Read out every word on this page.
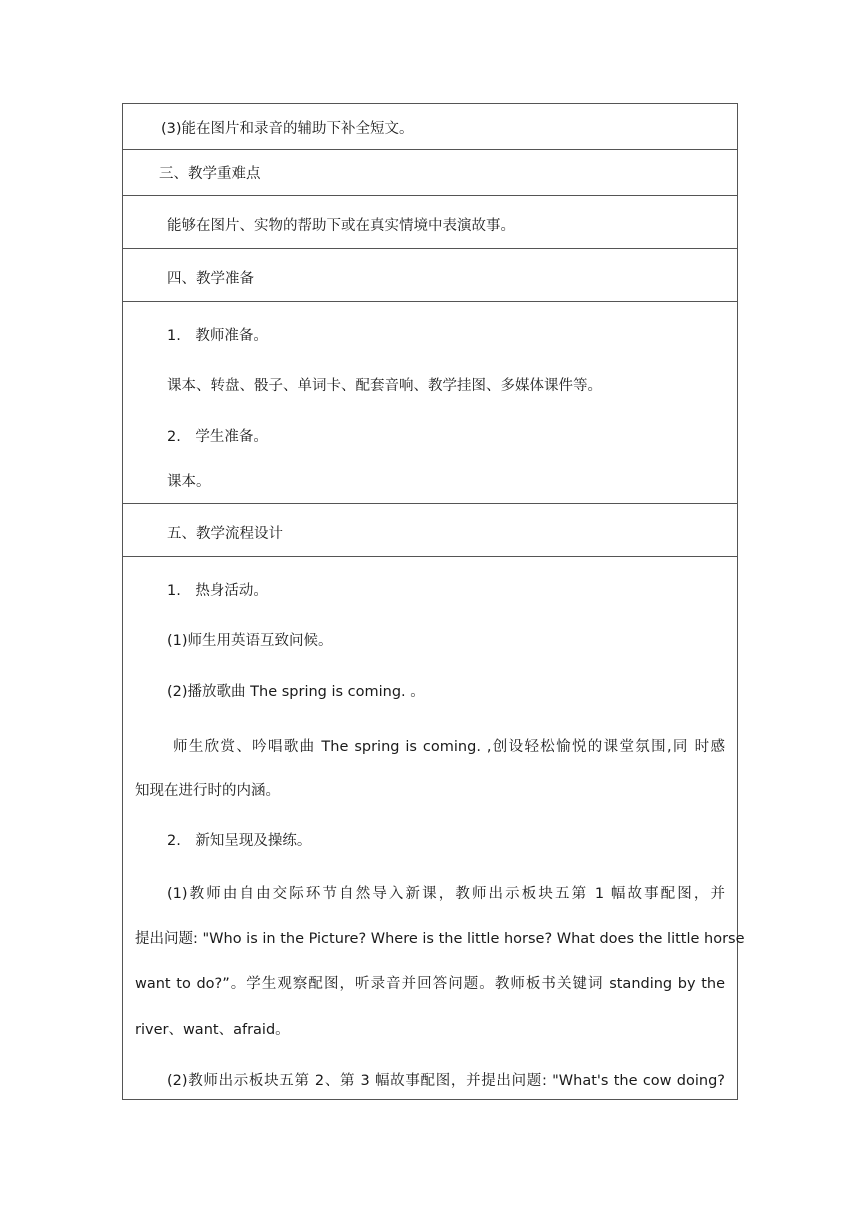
(3)能在图片和录音的辅助下补全短文。
三、教学重难点
能够在图片、实物的帮助下或在真实情境中表演故事。
四、教学准备
1.　教师准备。
课本、转盘、骰子、单词卡、配套音响、教学挂图、多媒体课件等。
2.　学生准备。
课本。
五、教学流程设计
1.　热身活动。
(1)师生用英语互致问候。
(2)播放歌曲 The spring is coming. 。
师生欣赏、吟唱歌曲 The spring is coming. ,创设轻松愉悦的课堂氛围,同 时感
知现在进行时的内涵。
2.　新知呈现及操练。
(1)教师由自由交际环节自然导入新课，教师出示板块五第 1 幅故事配图，并
提出问题: "Who is in the Picture? Where is the little horse? What does the little horse
want to do?”。学生观察配图，听录音并回答问题。教师板书关键词 standing by the
river、want、afraid。
(2)教师出示板块五第 2、第 3 幅故事配图，并提出问题: "What's the cow doing?
